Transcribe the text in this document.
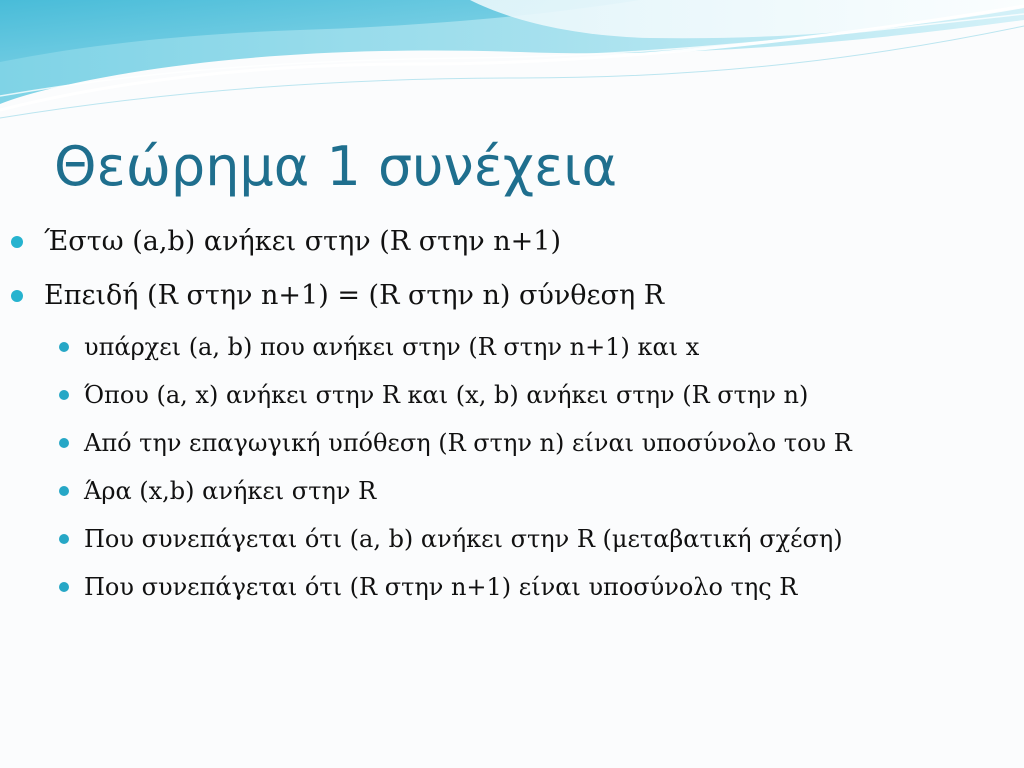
Θεώρημα 1 συνέχεια
Έστω (a,b) ανήκει στην (R στην n+1)
Επειδή (R στην n+1) = (R στην n) σύνθεση R
υπάρχει (a, b) που ανήκει στην (R στην n+1) και x
Όπου (a, x) ανήκει στην R και (x, b) ανήκει στην (R στην n)
Από την επαγωγική υπόθεση (R στην n) είναι υποσύνολο του R
Άρα (x,b) ανήκει στην R
Που συνεπάγεται ότι (a, b) ανήκει στην R (μεταβατική σχέση)
Που συνεπάγεται ότι (R στην n+1) είναι υποσύνολο της R
